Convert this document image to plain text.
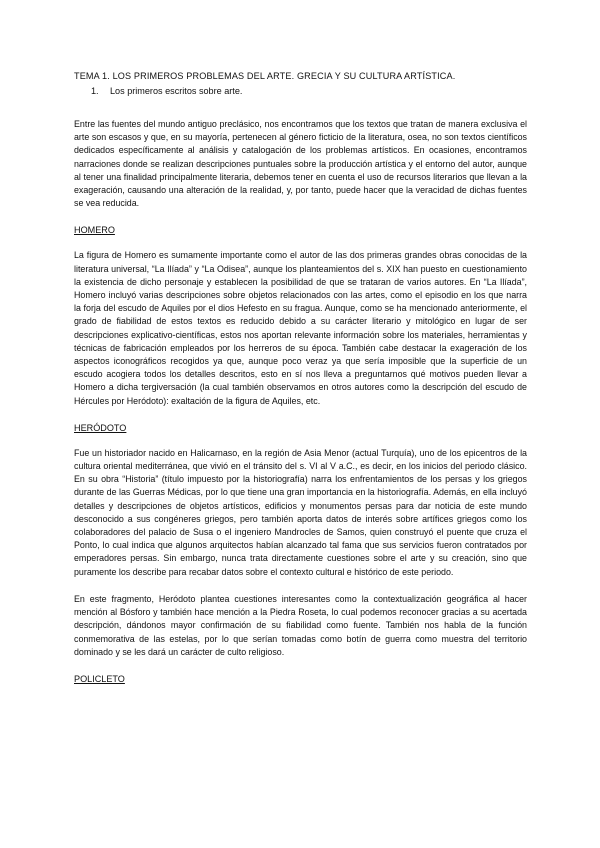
TEMA 1. LOS PRIMEROS PROBLEMAS DEL ARTE. GRECIA Y SU CULTURA ARTÍSTICA.
1. Los primeros escritos sobre arte.

Entre las fuentes del mundo antiguo preclásico, nos encontramos que los textos que tratan de manera exclusiva el arte son escasos y que, en su mayoría, pertenecen al género ficticio de la literatura, osea, no son textos científicos dedicados específicamente al análisis y catalogación de los problemas artísticos. En ocasiones, encontramos narraciones donde se realizan descripciones puntuales sobre la producción artística y el entorno del autor, aunque al tener una finalidad principalmente literaria, debemos tener en cuenta el uso de recursos literarios que llevan a la exageración, causando una alteración de la realidad, y, por tanto, puede hacer que la veracidad de dichas fuentes se vea reducida.

HOMERO

La figura de Homero es sumamente importante como el autor de las dos primeras grandes obras conocidas de la literatura universal, “La Ilíada” y “La Odisea”, aunque los planteamientos del s. XIX han puesto en cuestionamiento la existencia de dicho personaje y establecen la posibilidad de que se trataran de varios autores. En “La Ilíada”, Homero incluyó varias descripciones sobre objetos relacionados con las artes, como el episodio en los que narra la forja del escudo de Aquiles por el dios Hefesto en su fragua. Aunque, como se ha mencionado anteriormente, el grado de fiabilidad de estos textos es reducido debido a su carácter literario y mitológico en lugar de ser descripciones explicativo-científicas, estos nos aportan relevante información sobre los materiales, herramientas y técnicas de fabricación empleados por los herreros de su época. También cabe destacar la exageración de los aspectos iconográficos recogidos ya que, aunque poco veraz ya que sería imposible que la superficie de un escudo acogiera todos los detalles descritos, esto en sí nos lleva a preguntarnos qué motivos pueden llevar a Homero a dicha tergiversación (la cual también observamos en otros autores como la descripción del escudo de Hércules por Heródoto): exaltación de la figura de Aquiles, etc.

HERÓDOTO

Fue un historiador nacido en Halicarnaso, en la región de Asia Menor (actual Turquía), uno de los epicentros de la cultura oriental mediterránea, que vivió en el tránsito del s. VI al V a.C., es decir, en los inicios del periodo clásico. En su obra “Historia” (título impuesto por la historiografía) narra los enfrentamientos de los persas y los griegos durante de las Guerras Médicas, por lo que tiene una gran importancia en la historiografía. Además, en ella incluyó detalles y descripciones de objetos artísticos, edificios y monumentos persas para dar noticia de este mundo desconocido a sus congéneres griegos, pero también aporta datos de interés sobre artífices griegos como los colaboradores del palacio de Susa o el ingeniero Mandrocles de Samos, quien construyó el puente que cruza el Ponto, lo cual indica que algunos arquitectos habían alcanzado tal fama que sus servicios fueron contratados por emperadores persas. Sin embargo, nunca trata directamente cuestiones sobre el arte y su creación, sino que puramente los describe para recabar datos sobre el contexto cultural e histórico de este periodo.

En este fragmento, Heródoto plantea cuestiones interesantes como la contextualización geográfica al hacer mención al Bósforo y también hace mención a la Piedra Roseta, lo cual podemos reconocer gracias a su acertada descripción, dándonos mayor confirmación de su fiabilidad como fuente. También nos habla de la función conmemorativa de las estelas, por lo que serían tomadas como botín de guerra como muestra del territorio dominado y se les dará un carácter de culto religioso.

POLICLETO
